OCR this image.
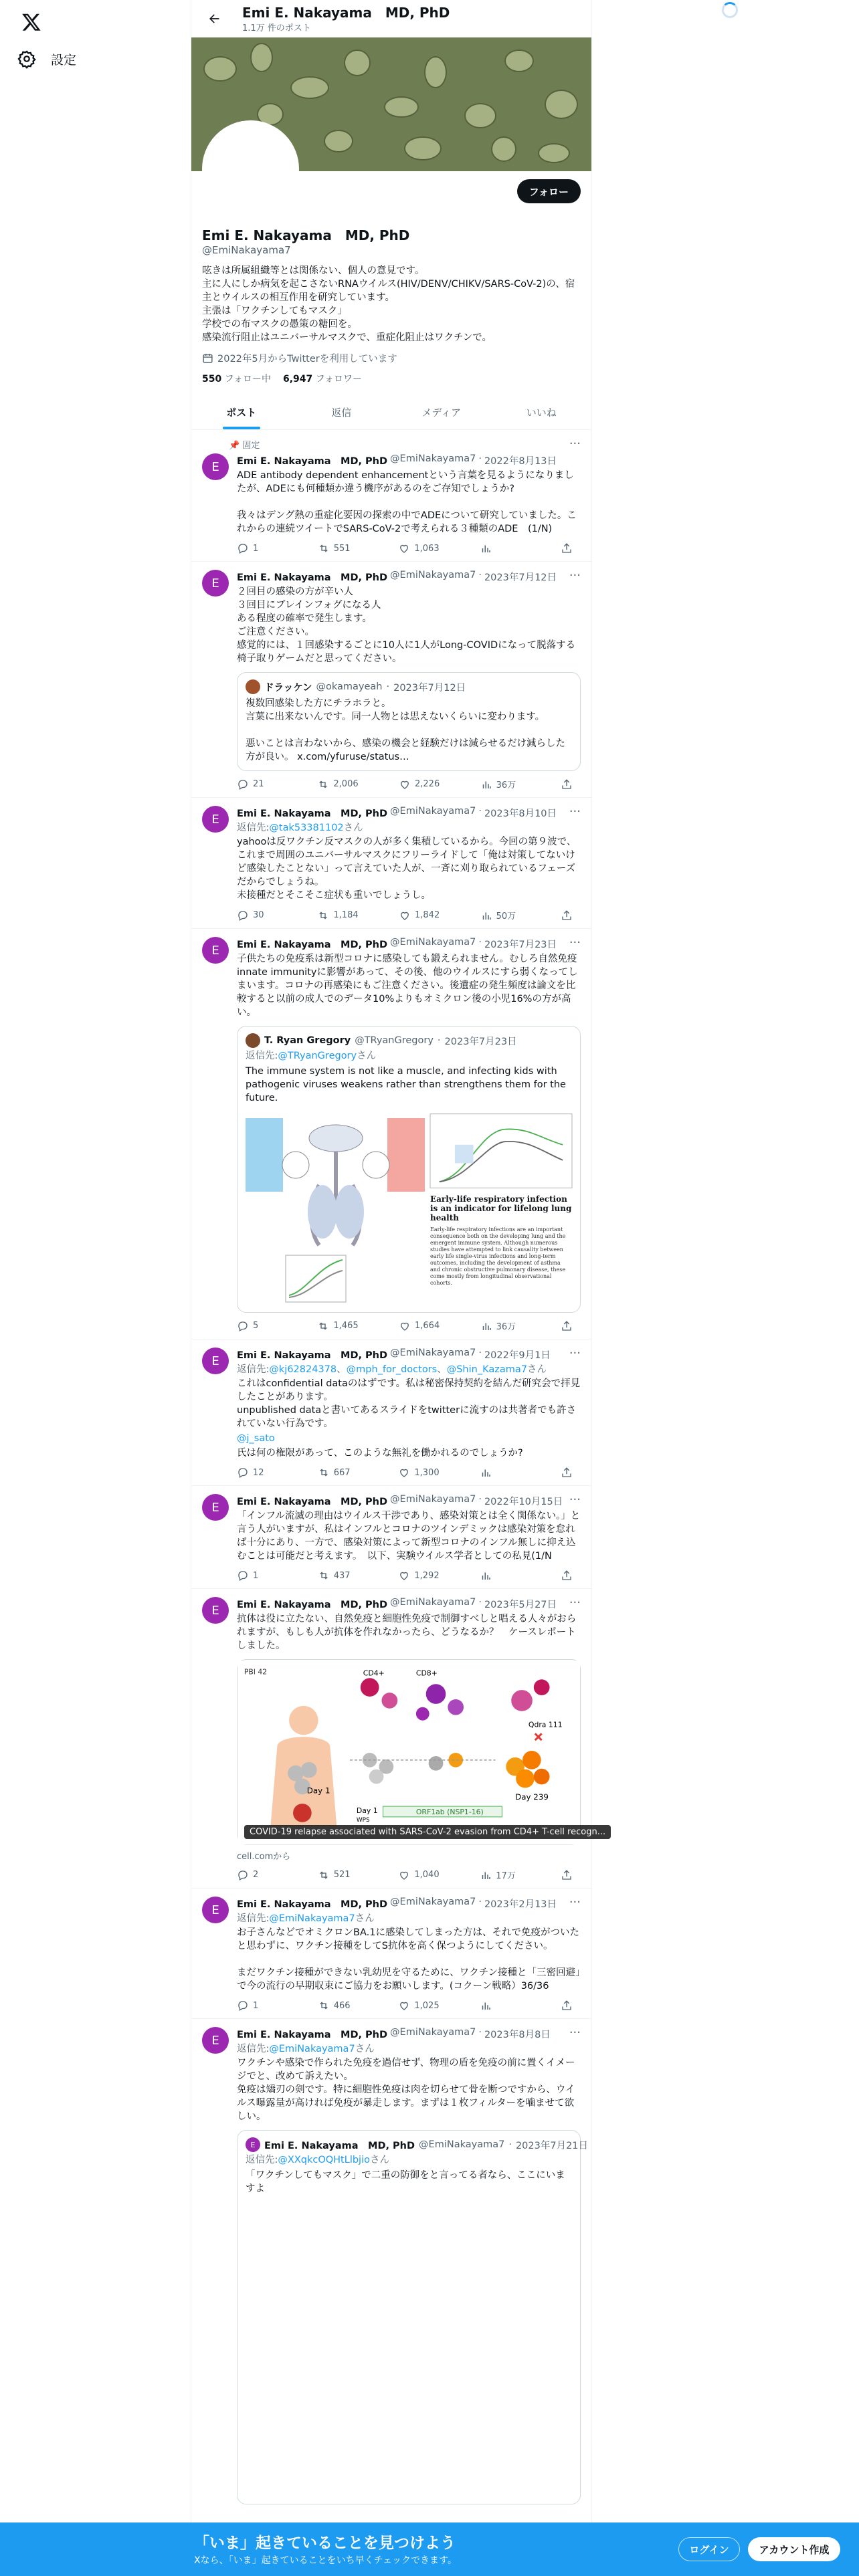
設定
Emi E. Nakayama　MD, PhD
1.1万 件のポスト
フォロー
Emi E. Nakayama　MD, PhD
@EmiNakayama7
呟きは所属組織等とは関係ない、個人の意見です。
主に人にしか病気を起こさないRNAウイルス(HIV/DENV/CHIKV/SARS-CoV-2)の、宿主とウイルスの相互作用を研究しています。
主張は「ワクチンしてもマスク」
学校での布マスクの愚策の糖回を。
感染流行阻止はユニバーサルマスクで、重症化阻止はワクチンで。
2022年5月からTwitterを利用しています
550 フォロー中 6,947 フォロワー
ポスト	返信	メディア	いいね
📌 固定	···
E	Emi E. Nakayama　MD, PhD @EmiNakayama7 · 2022年8月13日
ADE antibody dependent enhancementという言葉を見るようになりましたが、ADEにも何種類か違う機序があるのをご存知でしょうか?

我々はデング熱の重症化要因の探索の中でADEについて研究していました。これからの連続ツイートでSARS-CoV-2で考えられる３種類のADE　(1/N)
1	551	1,063
···
E	Emi E. Nakayama　MD, PhD @EmiNakayama7 · 2023年7月12日
２回目の感染の方が辛い人
３回目にブレインフォグになる人
ある程度の確率で発生します。
ご注意ください。
感覚的には、１回感染するごとに10人に1人がLong-COVIDになって脱落する椅子取りゲームだと思ってください。
ドラッケン @okamayeah · 2023年7月12日
複数回感染した方にチラホラと。
言葉に出来ないんです。同一人物とは思えないくらいに変わります。

悪いことは言わないから、感染の機会と経験だけは減らせるだけ減らした方が良い。 x.com/yfuruse/status…
21	2,006	2,226	36万
···
E	Emi E. Nakayama　MD, PhD @EmiNakayama7 · 2023年8月10日
返信先:@tak53381102さん
yahooは反ワクチン反マスクの人が多く集積しているから。今回の第９波で、これまで周囲のユニバーサルマスクにフリーライドして「俺は対策してないけど感染したことない」って言えていた人が、一斉に刈り取られているフェーズだからでしょうね。
未接種だとそこそこ症状も重いでしょうし。
30	1,184	1,842	50万
···
E	Emi E. Nakayama　MD, PhD @EmiNakayama7 · 2023年7月23日
子供たちの免疫系は新型コロナに感染しても鍛えられません。むしろ自然免疫innate immunityに影響があって、その後、他のウイルスにすら弱くなってしまいます。コロナの再感染にもご注意ください。後遺症の発生頻度は論文を比較すると以前の成人でのデータ10%よりもオミクロン後の小児16%の方が高い。
T. Ryan Gregory @TRyanGregory · 2023年7月23日
返信先:@TRyanGregoryさん
The immune system is not like a muscle, and infecting kids with pathogenic viruses weakens rather than strengthens them for the future.
Early-life respiratory infection is an indicator for lifelong lung health
Early-life respiratory infections are an important consequence both on the developing lung and the emergent immune system. Although numerous studies have attempted to link causality between early life single-virus infections and long-term outcomes, including the development of asthma and chronic obstructive pulmonary disease, these come mostly from longitudinal observational cohorts.
5	1,465	1,664	36万
···
E	Emi E. Nakayama　MD, PhD @EmiNakayama7 · 2022年9月1日
返信先:@kj62824378、@mph_for_doctors、@Shin_Kazama7さん
これはconfidential dataのはずです。私は秘密保持契約を結んだ研究会で拝見したことがあります。
unpublished dataと書いてあるスライドをtwitterに流すのは共著者でも許されていない行為です。
@j_sato
氏は何の権限があって、このような無礼を働かれるのでしょうか?
12	667	1,300
···
E	Emi E. Nakayama　MD, PhD @EmiNakayama7 · 2022年10月15日
「インフル流滅の理由はウイルス干渉であり、感染対策とは全く関係ない。」と言う人がいますが、私はインフルとコロナのツインデミックは感染対策を怠れば十分にあり、一方で、感染対策によって新型コロナのインフル無しに抑え込むことは可能だと考えます。　以下、実験ウイルス学者としての私見(1/N
1	437	1,292
···
E	Emi E. Nakayama　MD, PhD @EmiNakayama7 · 2023年5月27日
抗体は役に立たない、自然免疫と細胞性免疫で制御すべしと唱える人々がおられますが、もしも人が抗体を作れなかったら、どうなるか？　ケースレポートしました。
PBl 42
Day 1
CD4+	CD8+
Qdra 111
Day 239
Day 1
WPS
ORF1ab (NSP1-16)
COVID-19 relapse associated with SARS-CoV-2 evasion from CD4+ T-cell recogn...
cell.comから
2	521	1,040	17万
···
E	Emi E. Nakayama　MD, PhD @EmiNakayama7 · 2023年2月13日
返信先:@EmiNakayama7さん
お子さんなどでオミクロンBA.1に感染してしまった方は、それで免疫がついたと思わずに、ワクチン接種をしてS抗体を高く保つようにしてください。

まだワクチン接種ができない乳幼児を守るために、ワクチン接種と「三密回避」で今の流行の早期収束にご協力をお願いします。(コクーン戦略）36/36
1	466	1,025
···
E	Emi E. Nakayama　MD, PhD @EmiNakayama7 · 2023年8月8日
返信先:@EmiNakayama7さん
ワクチンや感染で作られた免疫を過信せず、物理の盾を免疫の前に置くイメージでと、改めて訴えたい。
免疫は矯刃の剣です。特に細胞性免疫は肉を切らせて骨を断つですから、ウイルス曝露量が高ければ免疫が暴走します。まずは１枚フィルターを噛ませて欲しい。
E Emi E. Nakayama　MD, PhD @EmiNakayama7 · 2023年7月21日
返信先:@XXqkcOQHtLlbjioさん
「ワクチンしてもマスク」で二重の防御をと言ってる者なら、ここにいますよ
「いま」起きていることを見つけよう
Xなら、「いま」起きていることをいち早くチェックできます。
ログイン	アカウント作成
